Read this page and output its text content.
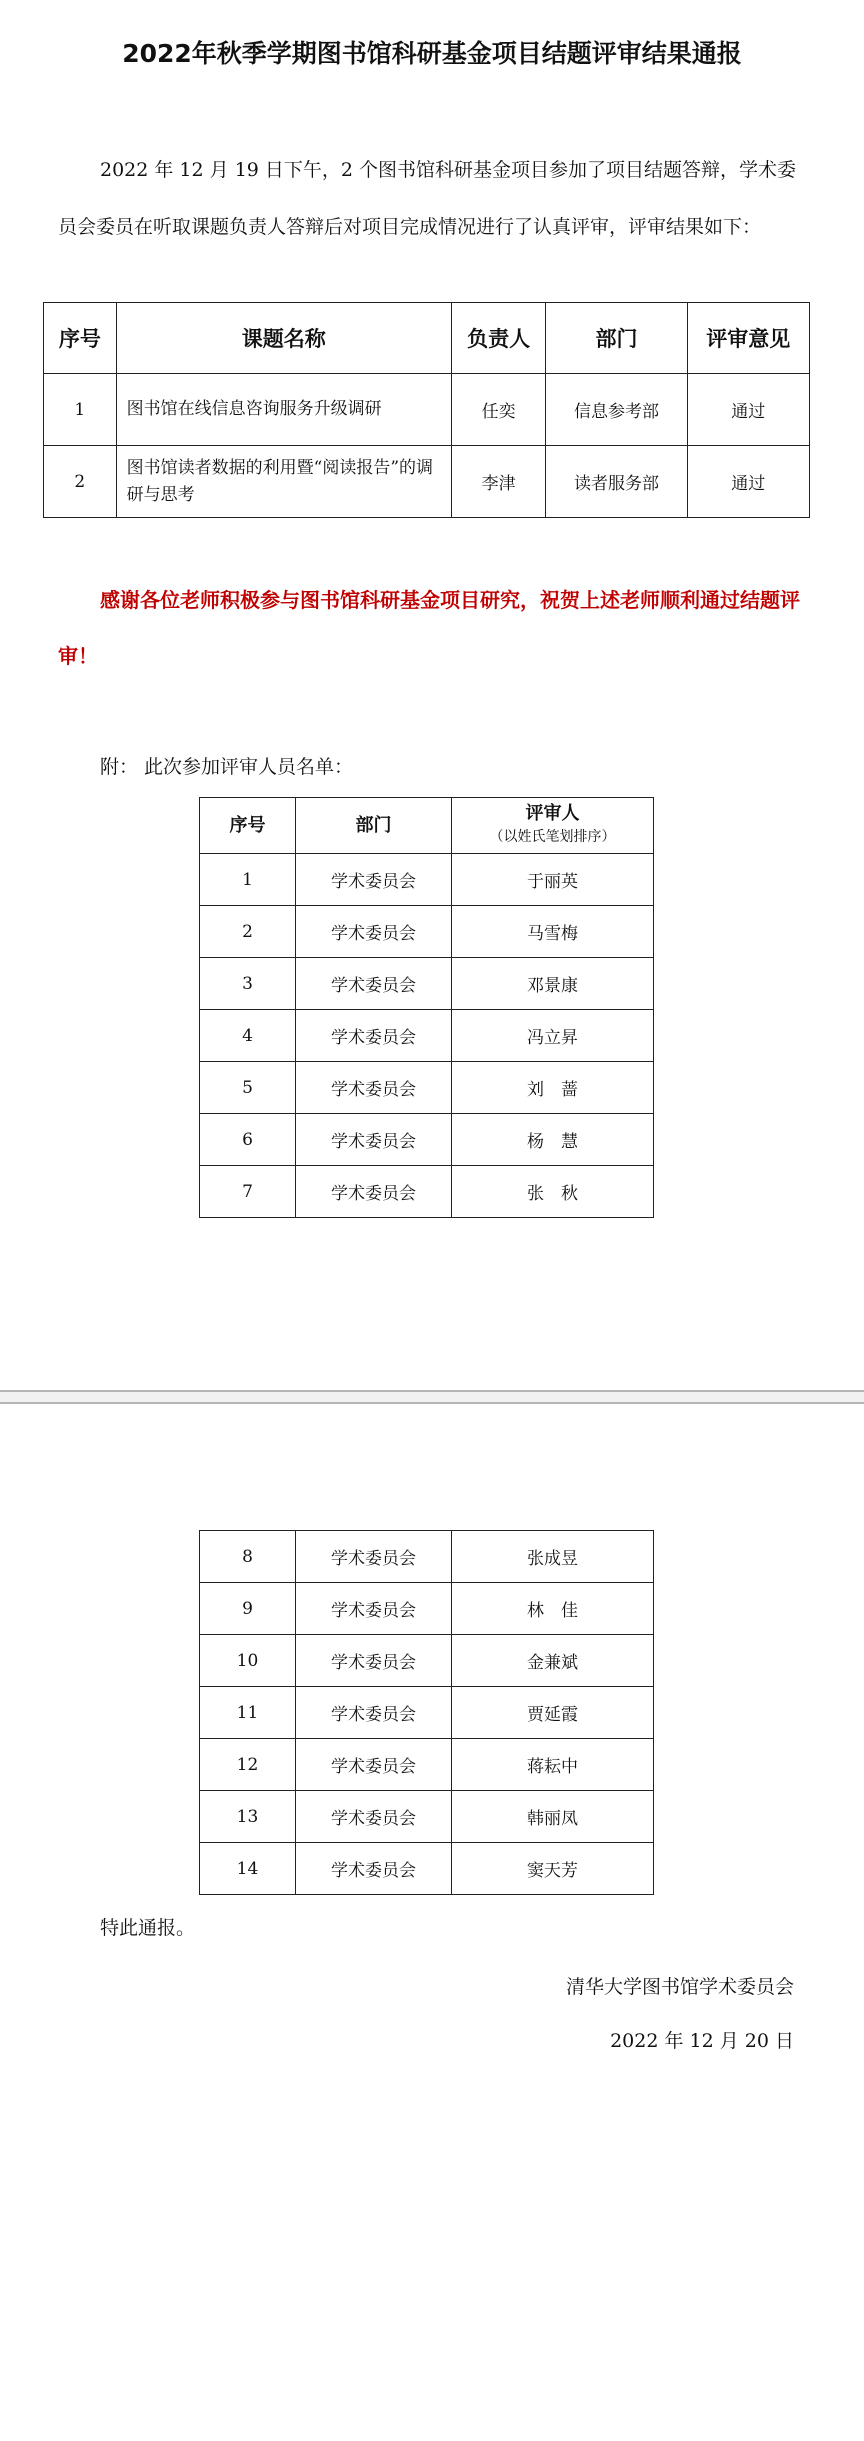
2022年秋季学期图书馆科研基金项目结题评审结果通报

2022 年 12 月 19 日下午，2 个图书馆科研基金项目参加了项目结题答辩，学术委员会委员在听取课题负责人答辩后对项目完成情况进行了认真评审，评审结果如下：

序号	课题名称	负责人	部门	评审意见
1	图书馆在线信息咨询服务升级调研	任奕	信息参考部	通过
2	图书馆读者数据的利用暨“阅读报告”的调研与思考	李津	读者服务部	通过

感谢各位老师积极参与图书馆科研基金项目研究，祝贺上述老师顺利通过结题评审！

附： 此次参加评审人员名单：
序号	部门	评审人
（以姓氏笔划排序）
1	学术委员会	于丽英
2	学术委员会	马雪梅
3	学术委员会	邓景康
4	学术委员会	冯立昇
5	学术委员会	刘　蔷
6	学术委员会	杨　慧
7	学术委员会	张　秋
8	学术委员会	张成昱
9	学术委员会	林　佳
10	学术委员会	金兼斌
11	学术委员会	贾延霞
12	学术委员会	蒋耘中
13	学术委员会	韩丽凤
14	学术委员会	窦天芳
特此通报。
清华大学图书馆学术委员会
2022 年 12 月 20 日
